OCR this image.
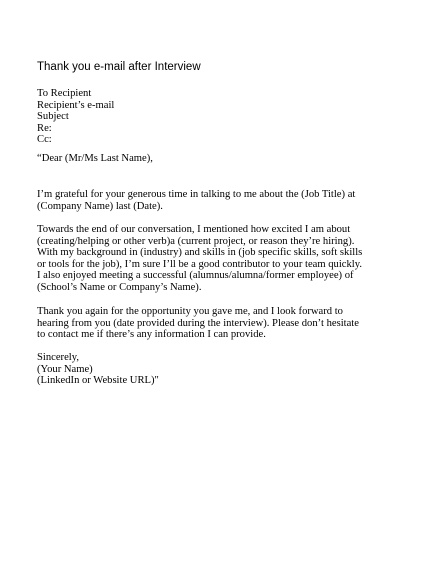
Thank you e-mail after Interview
To Recipient
Recipient’s e-mail
Subject
Re:
Cc:
“Dear (Mr/Ms Last Name),
I’m grateful for your generous time in talking to me about the (Job Title) at
(Company Name) last (Date).
Towards the end of our conversation, I mentioned how excited I am about
(creating/helping or other verb)a (current project, or reason they’re hiring).
With my background in (industry) and skills in (job specific skills, soft skills
or tools for the job), I’m sure I’ll be a good contributor to your team quickly.
I also enjoyed meeting a successful (alumnus/alumna/former employee) of
(School’s Name or Company’s Name).
Thank you again for the opportunity you gave me, and I look forward to
hearing from you (date provided during the interview). Please don’t hesitate
to contact me if there’s any information I can provide.
Sincerely,
(Your Name)
(LinkedIn or Website URL)"
